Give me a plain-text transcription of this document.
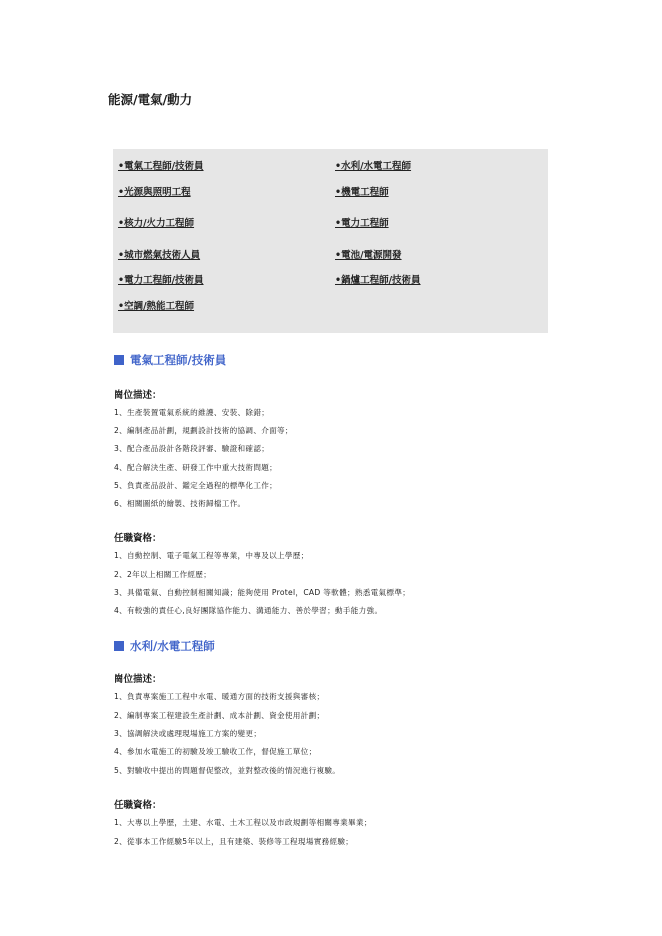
能源/電氣/動力
•電氣工程師/技術員	•水利/水電工程師
•光源與照明工程	•機電工程師
•核力/火力工程師	•電力工程師
•城市燃氣技術人員	•電池/電源開發
•電力工程師/技術員	•鍋爐工程師/技術員
•空調/熱能工程師
電氣工程師/技術員
崗位描述：
1、生產裝置電氣系統的維護、安裝、除錯；
2、編制產品計劃，規劃設計技術的協調、介面等；
3、配合產品設計各階段評審、驗證和確認；
4、配合解決生產、研發工作中重大技術問題；
5、負責產品設計、鑑定全過程的標準化工作；
6、相關圖紙的繪製、技術歸檔工作。
任職資格：
1、自動控制、電子電氣工程等專業，中專及以上學歷；
2、2年以上相關工作經歷；
3、具備電氣、自動控制相關知識；能夠使用 Protel，CAD 等軟體；熟悉電氣標準；
4、有較強的責任心,良好團隊協作能力、溝通能力、善於學習；動手能力強。
水利/水電工程師
崗位描述：
1、負責專案施工工程中水電、暖通方面的技術支援與審核；
2、編制專案工程建設生產計劃、成本計劃、資金使用計劃；
3、協調解決或處理現場施工方案的變更；
4、參加水電施工的初驗及竣工驗收工作，督促施工單位；
5、對驗收中提出的問題督促整改，並對整改後的情況進行複驗。
任職資格：
1、大專以上學歷，土建、水電、土木工程以及市政規劃等相關專業畢業；
2、從事本工作經驗5年以上，且有建築、裝修等工程現場實務經驗；
